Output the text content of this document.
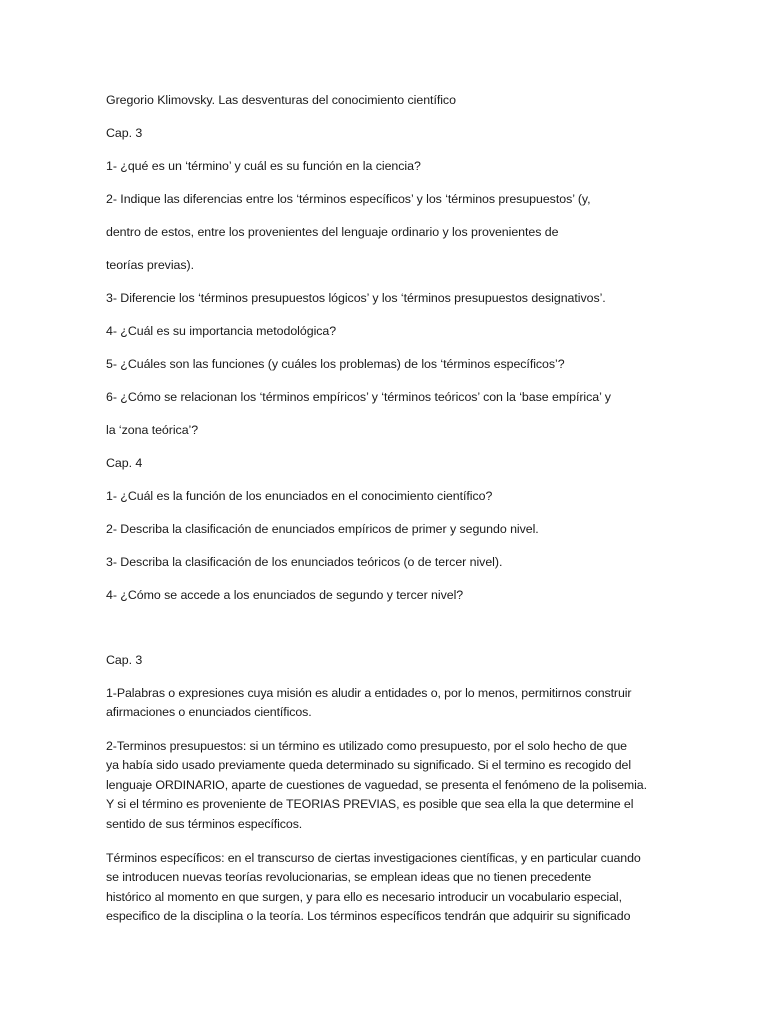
Gregorio Klimovsky. Las desventuras del conocimiento científico
Cap. 3
1- ¿qué es un ‘término’ y cuál es su función en la ciencia?
2- Indique las diferencias entre los ‘términos específicos’ y los ‘términos presupuestos’ (y,
dentro de estos, entre los provenientes del lenguaje ordinario y los provenientes de
teorías previas).
3- Diferencie los ‘términos presupuestos lógicos’ y los ‘términos presupuestos designativos’.
4- ¿Cuál es su importancia metodológica?
5- ¿Cuáles son las funciones (y cuáles los problemas) de los ‘términos específicos’?
6- ¿Cómo se relacionan los ‘términos empíricos’ y ‘términos teóricos’ con la ‘base empírica’ y
la ‘zona teórica’?
Cap. 4
1- ¿Cuál es la función de los enunciados en el conocimiento científico?
2- Describa la clasificación de enunciados empíricos de primer y segundo nivel.
3- Describa la clasificación de los enunciados teóricos (o de tercer nivel).
4- ¿Cómo se accede a los enunciados de segundo y tercer nivel?
Cap. 3
1-Palabras o expresiones cuya misión es aludir a entidades o, por lo menos, permitirnos construir
afirmaciones o enunciados científicos.
2-Terminos presupuestos: si un término es utilizado como presupuesto, por el solo hecho de que
ya había sido usado previamente queda determinado su significado. Si el termino es recogido del
lenguaje ORDINARIO, aparte de cuestiones de vaguedad, se presenta el fenómeno de la polisemia.
Y si el término es proveniente de TEORIAS PREVIAS, es posible que sea ella la que determine el
sentido de sus términos específicos.
Términos específicos: en el transcurso de ciertas investigaciones científicas, y en particular cuando
se introducen nuevas teorías revolucionarias, se emplean ideas que no tienen precedente
histórico al momento en que surgen, y para ello es necesario introducir un vocabulario especial,
especifico de la disciplina o la teoría. Los términos específicos tendrán que adquirir su significado
